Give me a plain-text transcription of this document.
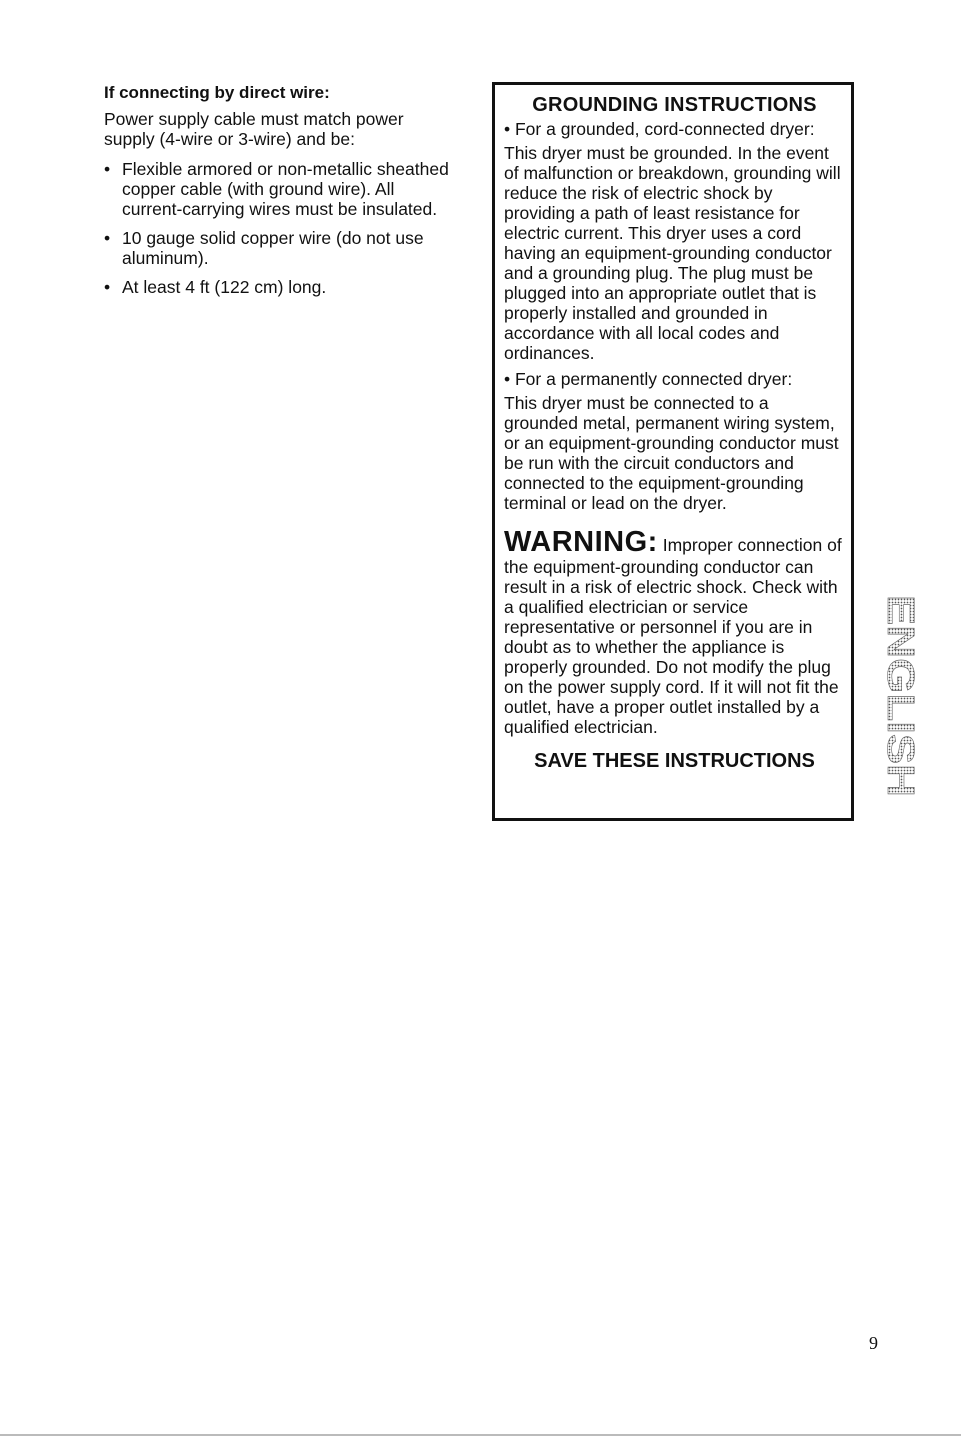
If connecting by direct wire:

Power supply cable must match power supply (4-wire or 3-wire) and be:

• Flexible armored or non-metallic sheathed copper cable (with ground wire). All current-carrying wires must be insulated.
• 10 gauge solid copper wire (do not use aluminum).
• At least 4 ft (122 cm) long.
GROUNDING INSTRUCTIONS
• For a grounded, cord-connected dryer:
This dryer must be grounded. In the event of malfunction or breakdown, grounding will reduce the risk of electric shock by providing a path of least resistance for electric current. This dryer uses a cord having an equipment-grounding conductor and a grounding plug. The plug must be plugged into an appropriate outlet that is properly installed and grounded in accordance with all local codes and ordinances.
• For a permanently connected dryer:
This dryer must be connected to a grounded metal, permanent wiring system, or an equipment-grounding conductor must be run with the circuit conductors and connected to the equipment-grounding terminal or lead on the dryer.
WARNING: Improper connection of the equipment-grounding conductor can result in a risk of electric shock. Check with a qualified electrician or service representative or personnel if you are in doubt as to whether the appliance is properly grounded. Do not modify the plug on the power supply cord. If it will not fit the outlet, have a proper outlet installed by a qualified electrician.
SAVE THESE INSTRUCTIONS	ENGLISH
9
